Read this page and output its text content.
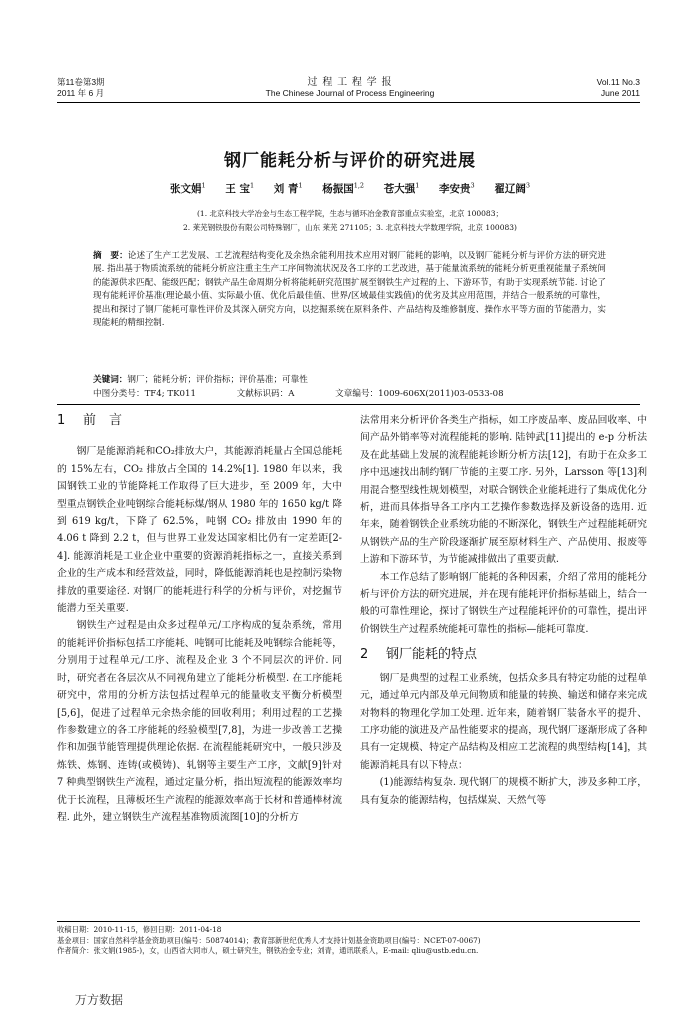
第11卷第3期
2011 年 6 月
过 程 工 程 学 报
The Chinese Journal of Process Engineering
Vol.11 No.3
June 2011
钢厂能耗分析与评价的研究进展
张文娟$^1$ 王 宝$^1$ 刘 青$^1$ 杨振国$^{1,2}$ 苍大强$^1$ 李安贵$^3$ 翟辽阔$^3$
(1. 北京科技大学冶金与生态工程学院，生态与循环冶金教育部重点实验室，北京 100083；
2. 莱芜钢铁股份有限公司特殊钢厂，山东 莱芜 271105；3. 北京科技大学数理学院，北京 100083)
摘　要：论述了生产工艺发展、工艺流程结构变化及余热余能利用技术应用对钢厂能耗的影响，以及钢厂能耗分析与评价方法的研究进展. 指出基于物质流系统的能耗分析应注重主生产工序间物流状况及各工序的工艺改进，基于能量流系统的能耗分析更重视能量子系统间的能源供求匹配、能级匹配；钢铁产品生命周期分析将能耗研究范围扩展至钢铁生产过程的上、下游环节，有助于实现系统节能. 讨论了现有能耗评价基准(理论最小值、实际最小值、优化后最佳值、世界/区域最佳实践值)的优劣及其应用范围，并结合一般系统的可靠性，提出和探讨了钢厂能耗可靠性评价及其深入研究方向，以挖掘系统在原料条件、产品结构及维修制度、操作水平等方面的节能潜力，实现能耗的精细控制.
关键词：钢厂；能耗分析；评价指标；评价基准；可靠性
中图分类号：TF4; TK011	文献标识码：A	文章编号：1009-606X(2011)03-0533-08

1 前　言

钢厂是能源消耗和CO₂排放大户，其能源消耗量占全国总能耗的 15%左右，CO₂ 排放占全国的 14.2%[1]. 1980 年以来，我国钢铁工业的节能降耗工作取得了巨大进步，至 2009 年，大中型重点钢铁企业吨钢综合能耗标煤/钢从 1980 年的 1650 kg/t 降到 619 kg/t，下降了 62.5%，吨钢 CO₂ 排放由 1990 年的 4.06 t 降到 2.2 t，但与世界工业发达国家相比仍有一定差距[2-4]. 能源消耗是工业企业中重要的资源消耗指标之一，直接关系到企业的生产成本和经营效益，同时，降低能源消耗也是控制污染物排放的重要途径. 对钢厂的能耗进行科学的分析与评价，对挖掘节能潜力至关重要.

钢铁生产过程是由众多过程单元/工序构成的复杂系统，常用的能耗评价指标包括工序能耗、吨钢可比能耗及吨钢综合能耗等，分别用于过程单元/工序、流程及企业 3 个不同层次的评价. 同时，研究者在各层次从不同视角建立了能耗分析模型. 在工序能耗研究中，常用的分析方法包括过程单元的能量收支平衡分析模型[5,6]，促进了过程单元余热余能的回收利用；利用过程的工艺操作参数建立的各工序能耗的经验模型[7,8]，为进一步改善工艺操作和加强节能管理提供理论依据. 在流程能耗研究中，一般只涉及炼铁、炼钢、连铸(或模铸)、轧钢等主要生产工序，文献[9]针对 7 种典型钢铁生产流程，通过定量分析，指出短流程的能源效率均优于长流程，且薄板坯生产流程的能源效率高于长材和普通棒材流程. 此外，建立钢铁生产流程基准物质流图[10]的分析方

法常用来分析评价各类生产指标，如工序废品率、废品回收率、中间产品外销率等对流程能耗的影响. 陆钟武[11]提出的 e-p 分析法及在此基础上发展的流程能耗诊断分析方法[12]，有助于在众多工序中迅速找出制约钢厂节能的主要工序. 另外，Larsson 等[13]利用混合整型线性规划模型，对联合钢铁企业能耗进行了集成优化分析，进而具体指导各工序内工艺操作参数选择及新设备的选用. 近年来，随着钢铁企业系统功能的不断深化，钢铁生产过程能耗研究从钢铁产品的生产阶段逐渐扩展至原材料生产、产品使用、报废等上游和下游环节，为节能减排做出了重要贡献.

本工作总结了影响钢厂能耗的各种因素，介绍了常用的能耗分析与评价方法的研究进展，并在现有能耗评价指标基础上，结合一般的可靠性理论，探讨了钢铁生产过程能耗评价的可靠性，提出评价钢铁生产过程系统能耗可靠性的指标—能耗可靠度.

2 钢厂能耗的特点

钢厂是典型的过程工业系统，包括众多具有特定功能的过程单元，通过单元内部及单元间物质和能量的转换、输送和储存来完成对物料的物理化学加工处理. 近年来，随着钢厂装备水平的提升、工序功能的演进及产品性能要求的提高，现代钢厂逐渐形成了各种具有一定规模、特定产品结构及相应工艺流程的典型结构[14]，其能源消耗具有以下特点：

(1)能源结构复杂. 现代钢厂的规模不断扩大，涉及多种工序，具有复杂的能源结构，包括煤炭、天然气等

收稿日期：2010-11-15，修回日期：2011-04-18
基金项目：国家自然科学基金资助项目(编号：50874014)；教育部新世纪优秀人才支持计划基金资助项目(编号：NCET-07-0067)
作者简介：张文娟(1985-)，女，山西省大同市人，硕士研究生，钢铁冶金专业；刘青，通讯联系人，E-mail: qliu@ustb.edu.cn.
万方数据
